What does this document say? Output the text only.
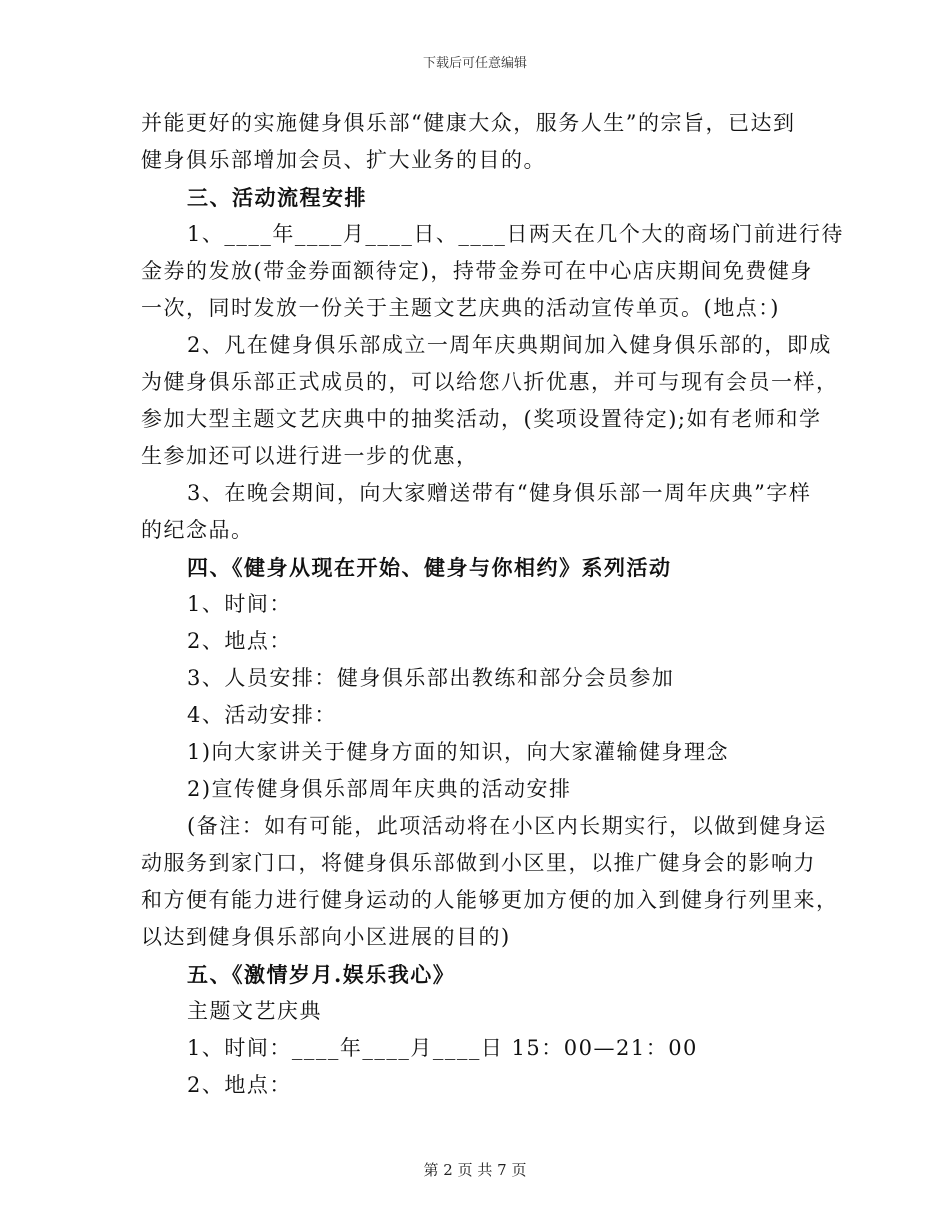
下载后可任意编辑
并能更好的实施健身俱乐部“健康大众，服务人生”的宗旨，已达到
健身俱乐部增加会员、扩大业务的目的。
三、活动流程安排
1、____年____月____日、____日两天在几个大的商场门前进行待
金券的发放(带金券面额待定)，持带金券可在中心店庆期间免费健身
一次，同时发放一份关于主题文艺庆典的活动宣传单页。(地点：)
2、凡在健身俱乐部成立一周年庆典期间加入健身俱乐部的，即成
为健身俱乐部正式成员的，可以给您八折优惠，并可与现有会员一样，
参加大型主题文艺庆典中的抽奖活动，(奖项设置待定);如有老师和学
生参加还可以进行进一步的优惠，
3、在晚会期间，向大家赠送带有“健身俱乐部一周年庆典”字样
的纪念品。
四、《健身从现在开始、健身与你相约》系列活动
1、时间：
2、地点：
3、人员安排：健身俱乐部出教练和部分会员参加
4、活动安排：
1)向大家讲关于健身方面的知识，向大家灌输健身理念
2)宣传健身俱乐部周年庆典的活动安排
(备注：如有可能，此项活动将在小区内长期实行，以做到健身运
动服务到家门口，将健身俱乐部做到小区里，以推广健身会的影响力
和方便有能力进行健身运动的人能够更加方便的加入到健身行列里来，
以达到健身俱乐部向小区进展的目的)
五、《激情岁月.娱乐我心》
主题文艺庆典
1、时间：____年____月____日 15：00—21：00
2、地点：
第 2 页 共 7 页
